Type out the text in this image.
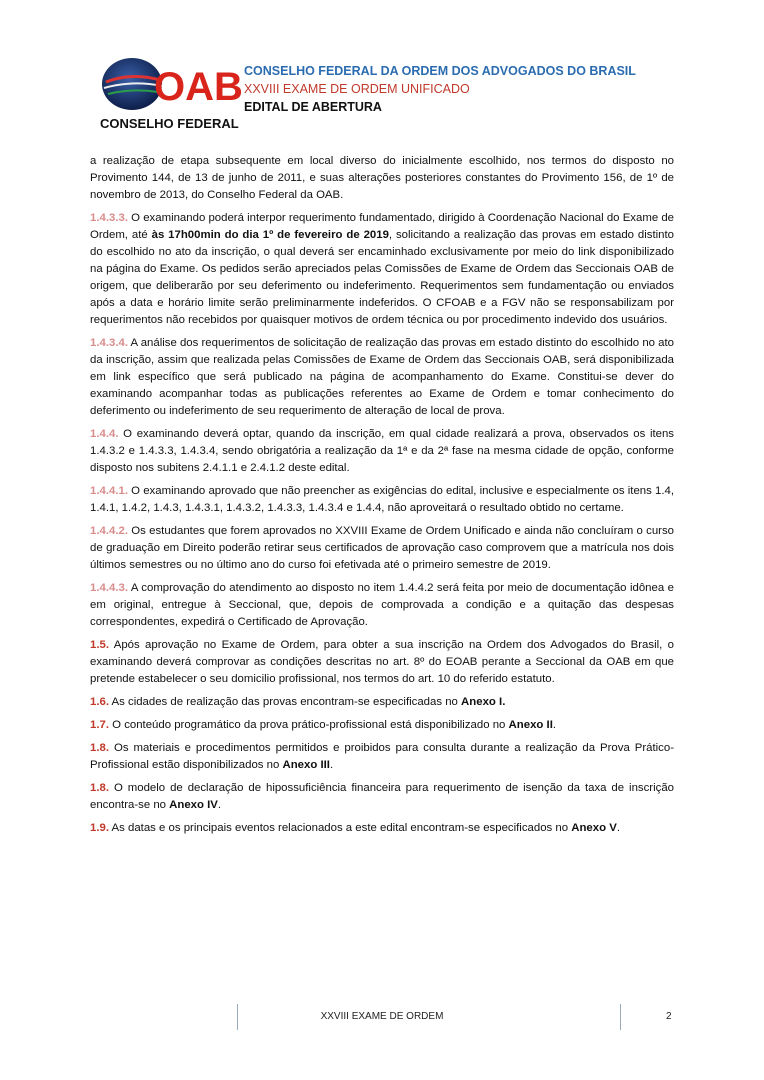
OAB
CONSELHO FEDERAL
CONSELHO FEDERAL DA ORDEM DOS ADVOGADOS DO BRASIL
XXVIII EXAME DE ORDEM UNIFICADO
EDITAL DE ABERTURA

a realização de etapa subsequente em local diverso do inicialmente escolhido, nos termos do disposto no Provimento 144, de 13 de junho de 2011, e suas alterações posteriores constantes do Provimento 156, de 1º de novembro de 2013, do Conselho Federal da OAB.

1.4.3.3. O examinando poderá interpor requerimento fundamentado, dirigido à Coordenação Nacional do Exame de Ordem, até às 17h00min do dia 1º de fevereiro de 2019, solicitando a realização das provas em estado distinto do escolhido no ato da inscrição, o qual deverá ser encaminhado exclusivamente por meio do link disponibilizado na página do Exame. Os pedidos serão apreciados pelas Comissões de Exame de Ordem das Seccionais OAB de origem, que deliberarão por seu deferimento ou indeferimento. Requerimentos sem fundamentação ou enviados após a data e horário limite serão preliminarmente indeferidos. O CFOAB e a FGV não se responsabilizam por requerimentos não recebidos por quaisquer motivos de ordem técnica ou por procedimento indevido dos usuários.

1.4.3.4. A análise dos requerimentos de solicitação de realização das provas em estado distinto do escolhido no ato da inscrição, assim que realizada pelas Comissões de Exame de Ordem das Seccionais OAB, será disponibilizada em link específico que será publicado na página de acompanhamento do Exame. Constitui-se dever do examinando acompanhar todas as publicações referentes ao Exame de Ordem e tomar conhecimento do deferimento ou indeferimento de seu requerimento de alteração de local de prova.

1.4.4. O examinando deverá optar, quando da inscrição, em qual cidade realizará a prova, observados os itens 1.4.3.2 e 1.4.3.3, 1.4.3.4, sendo obrigatória a realização da 1ª e da 2ª fase na mesma cidade de opção, conforme disposto nos subitens 2.4.1.1 e 2.4.1.2 deste edital.

1.4.4.1. O examinando aprovado que não preencher as exigências do edital, inclusive e especialmente os itens 1.4, 1.4.1, 1.4.2, 1.4.3, 1.4.3.1, 1.4.3.2, 1.4.3.3, 1.4.3.4 e 1.4.4, não aproveitará o resultado obtido no certame.

1.4.4.2. Os estudantes que forem aprovados no XXVIII Exame de Ordem Unificado e ainda não concluíram o curso de graduação em Direito poderão retirar seus certificados de aprovação caso comprovem que a matrícula nos dois últimos semestres ou no último ano do curso foi efetivada até o primeiro semestre de 2019.

1.4.4.3. A comprovação do atendimento ao disposto no item 1.4.4.2 será feita por meio de documentação idônea e em original, entregue à Seccional, que, depois de comprovada a condição e a quitação das despesas correspondentes, expedirá o Certificado de Aprovação.

1.5. Após aprovação no Exame de Ordem, para obter a sua inscrição na Ordem dos Advogados do Brasil, o examinando deverá comprovar as condições descritas no art. 8º do EOAB perante a Seccional da OAB em que pretende estabelecer o seu domicilio profissional, nos termos do art. 10 do referido estatuto.

1.6. As cidades de realização das provas encontram-se especificadas no Anexo I.

1.7. O conteúdo programático da prova prático-profissional está disponibilizado no Anexo II.

1.8. Os materiais e procedimentos permitidos e proibidos para consulta durante a realização da Prova Prático-Profissional estão disponibilizados no Anexo III.

1.8. O modelo de declaração de hipossuficiência financeira para requerimento de isenção da taxa de inscrição encontra-se no Anexo IV.

1.9. As datas e os principais eventos relacionados a este edital encontram-se especificados no Anexo V.

XXVIII EXAME DE ORDEM	2
